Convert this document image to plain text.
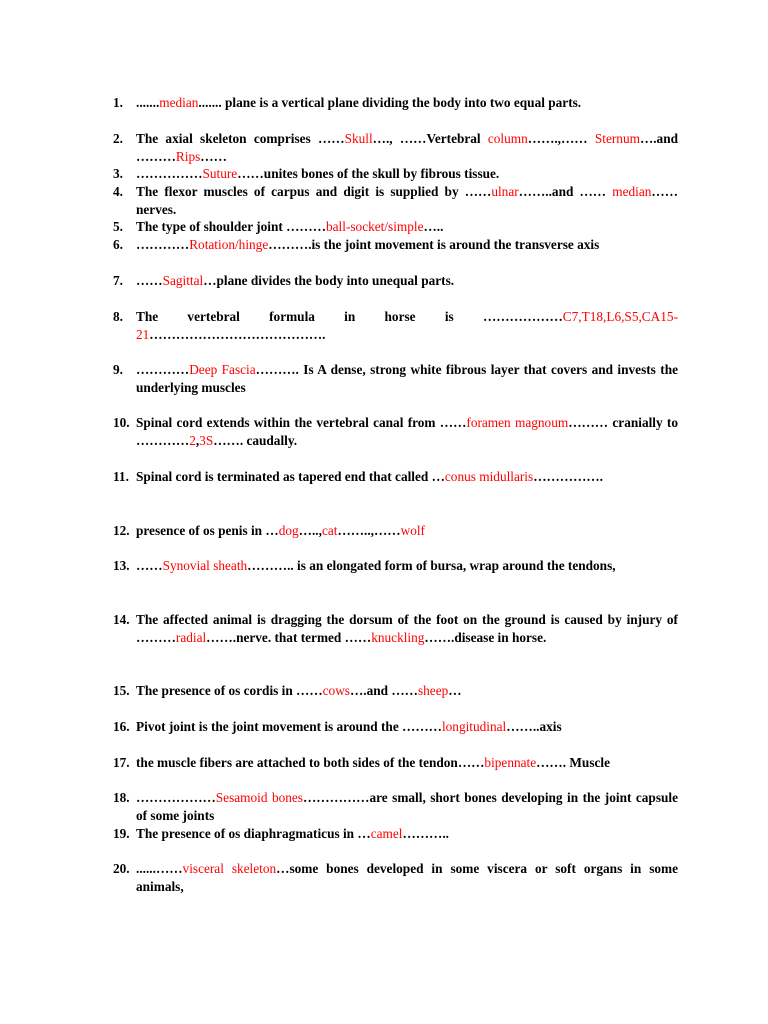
1. .......median....... plane is a vertical plane dividing the body into two equal parts.
2. The axial skeleton comprises ……Skull…., ……Vertebral column…….,…… Sternum….and ………Rips……
3. ……………Suture……unites bones of the skull by fibrous tissue.
4. The flexor muscles of carpus and digit is supplied by ……ulnar……..and …… median……nerves.
5. The type of shoulder joint ………ball-socket/simple…..
6. …………Rotation/hinge……….is the joint movement is around the transverse axis
7. ……Sagittal…plane divides the body into unequal parts.
8. The vertebral formula in horse is ………………C7,T18,L6,S5,CA15-21………………………………….
9. …………Deep Fascia………. Is A dense, strong white fibrous layer that covers and invests the underlying muscles
10. Spinal cord extends within the vertebral canal from ……foramen magnoum……… cranially to …………2,3S……. caudally.
11. Spinal cord is terminated as tapered end that called …conus midullaris…………….
12. presence of os penis in …dog…..,cat……..,……wolf
13. ……Synovial sheath……….. is an elongated form of bursa, wrap around the tendons,
14. The affected animal is dragging the dorsum of the foot on the ground is caused by injury of ………radial…….nerve. that termed ……knuckling…….disease in horse.
15. The presence of os cordis in ……cows….and ……sheep…
16. Pivot joint is the joint movement is around the ………longitudinal……..axis
17. the muscle fibers are attached to both sides of the tendon……bipennate……. Muscle
18. ………………Sesamoid bones……………are small, short bones developing in the joint capsule of some joints
19. The presence of os diaphragmaticus in …camel………..
20. ......……visceral skeleton…some bones developed in some viscera or soft organs in some animals,
